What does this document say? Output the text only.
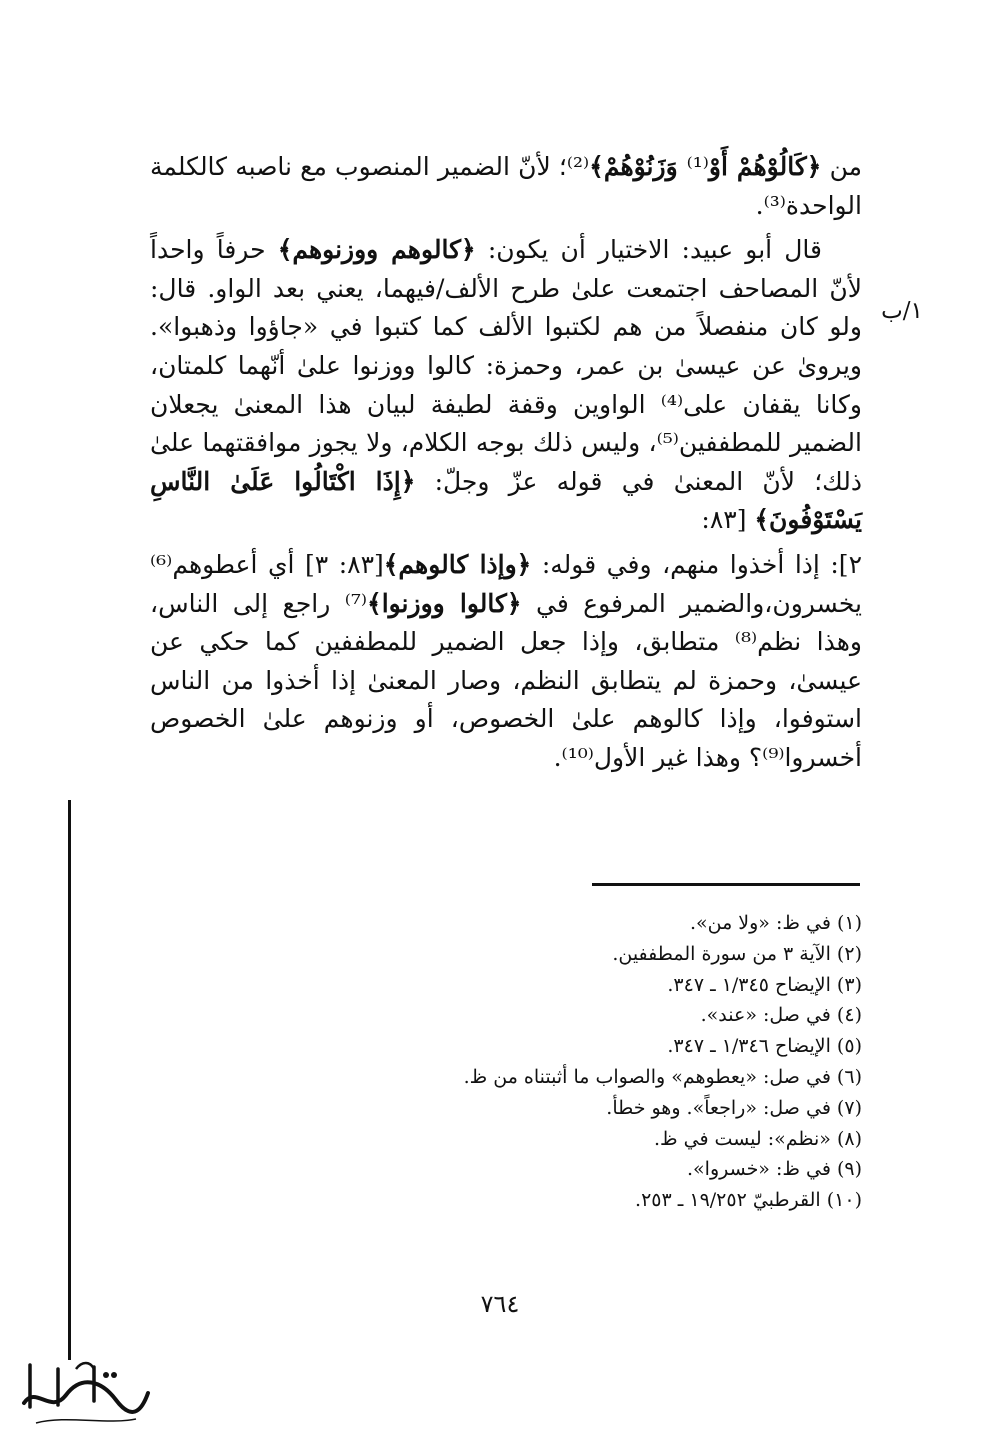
١/ب

من ﴿كَالُوْهُمْ أَوْ⁽¹⁾ وَزَنُوْهُمْ﴾⁽²⁾؛ لأنّ الضمير المنصوب مع ناصبه كالكلمة الواحدة⁽³⁾.

قال أبو عبيد: الاختيار أن يكون: ﴿كالوهم ووزنوهم﴾ حرفاً واحداً لأنّ المصاحف اجتمعت علىٰ طرح الألف/فيهما، يعني بعد الواو. قال: ولو كان منفصلاً من هم لكتبوا الألف كما كتبوا في «جاؤوا وذهبوا». ويروىٰ عن عيسىٰ بن عمر، وحمزة: كالوا ووزنوا علىٰ أنّهما كلمتان، وكانا يقفان على⁽⁴⁾ الواوين وقفة لطيفة لبيان هذا المعنىٰ يجعلان الضمير للمطففين⁽⁵⁾، وليس ذلك بوجه الكلام، ولا يجوز موافقتهما علىٰ ذلك؛ لأنّ المعنىٰ في قوله عزّ وجلّ: ﴿إِذَا اكْتَالُوا عَلَىٰ النَّاسِ يَسْتَوْفُونَ﴾ [٨٣:

٢]: إذا أخذوا منهم، وفي قوله: ﴿وإذا كالوهم﴾[٨٣: ٣] أي أعطوهم⁽⁶⁾ يخسرون،والضمير المرفوع في ﴿كالوا ووزنوا﴾⁽⁷⁾ راجع إلى الناس، وهذا نظم⁽⁸⁾ متطابق، وإذا جعل الضمير للمطففين كما حكي عن عيسىٰ، وحمزة لم يتطابق النظم، وصار المعنىٰ إذا أخذوا من الناس استوفوا، وإذا كالوهم علىٰ الخصوص، أو وزنوهم علىٰ الخصوص أخسروا⁽⁹⁾؟ وهذا غير الأول⁽¹⁰⁾.

(١) في ظ: «ولا من».
(٢) الآية ٣ من سورة المطففين.
(٣) الإيضاح ١/٣٤٥ ـ ٣٤٧.
(٤) في صل: «عند».
(٥) الإيضاح ١/٣٤٦ ـ ٣٤٧.
(٦) في صل: «يعطوهم» والصواب ما أثبتناه من ظ.
(٧) في صل: «راجعاً». وهو خطأ.
(٨) «نظم»: ليست في ظ.
(٩) في ظ: «خسروا».
(١٠) القرطبيّ ١٩/٢٥٢ ـ ٢٥٣.
٧٦٤
